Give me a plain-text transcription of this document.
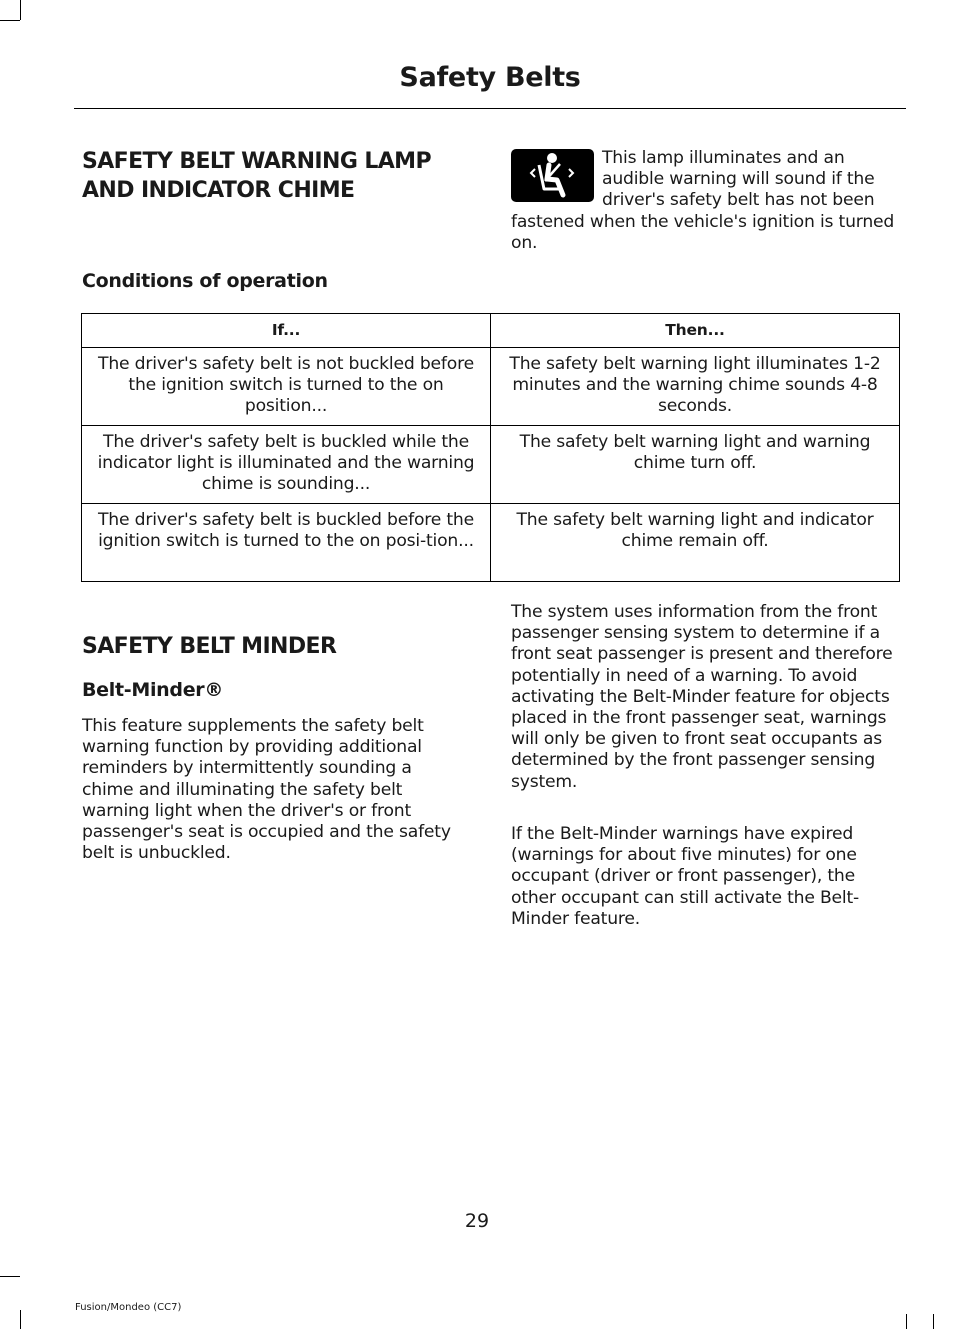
Safety Belts
SAFETY BELT WARNING LAMP AND INDICATOR CHIME

This lamp illuminates and an audible warning will sound if the driver's safety belt has not been fastened when the vehicle's ignition is turned on.

Conditions of operation
If...	Then...
The driver's safety belt is not buckled before the ignition switch is turned to the on position...	The safety belt warning light illuminates 1-2 minutes and the warning chime sounds 4-8 seconds.
The driver's safety belt is buckled while the indicator light is illuminated and the warning chime is sounding...	The safety belt warning light and warning chime turn off.
The driver's safety belt is buckled before the ignition switch is turned to the on posi-tion...	The safety belt warning light and indicator chime remain off.
SAFETY BELT MINDER
Belt-Minder®

This feature supplements the safety belt warning function by providing additional reminders by intermittently sounding a chime and illuminating the safety belt warning light when the driver's or front passenger's seat is occupied and the safety belt is unbuckled.

The system uses information from the front passenger sensing system to determine if a front seat passenger is present and therefore potentially in need of a warning. To avoid activating the Belt-Minder feature for objects placed in the front passenger seat, warnings will only be given to front seat occupants as determined by the front passenger sensing system.

If the Belt-Minder warnings have expired (warnings for about five minutes) for one occupant (driver or front passenger), the other occupant can still activate the Belt-Minder feature.

29

Fusion/Mondeo (CC7)
